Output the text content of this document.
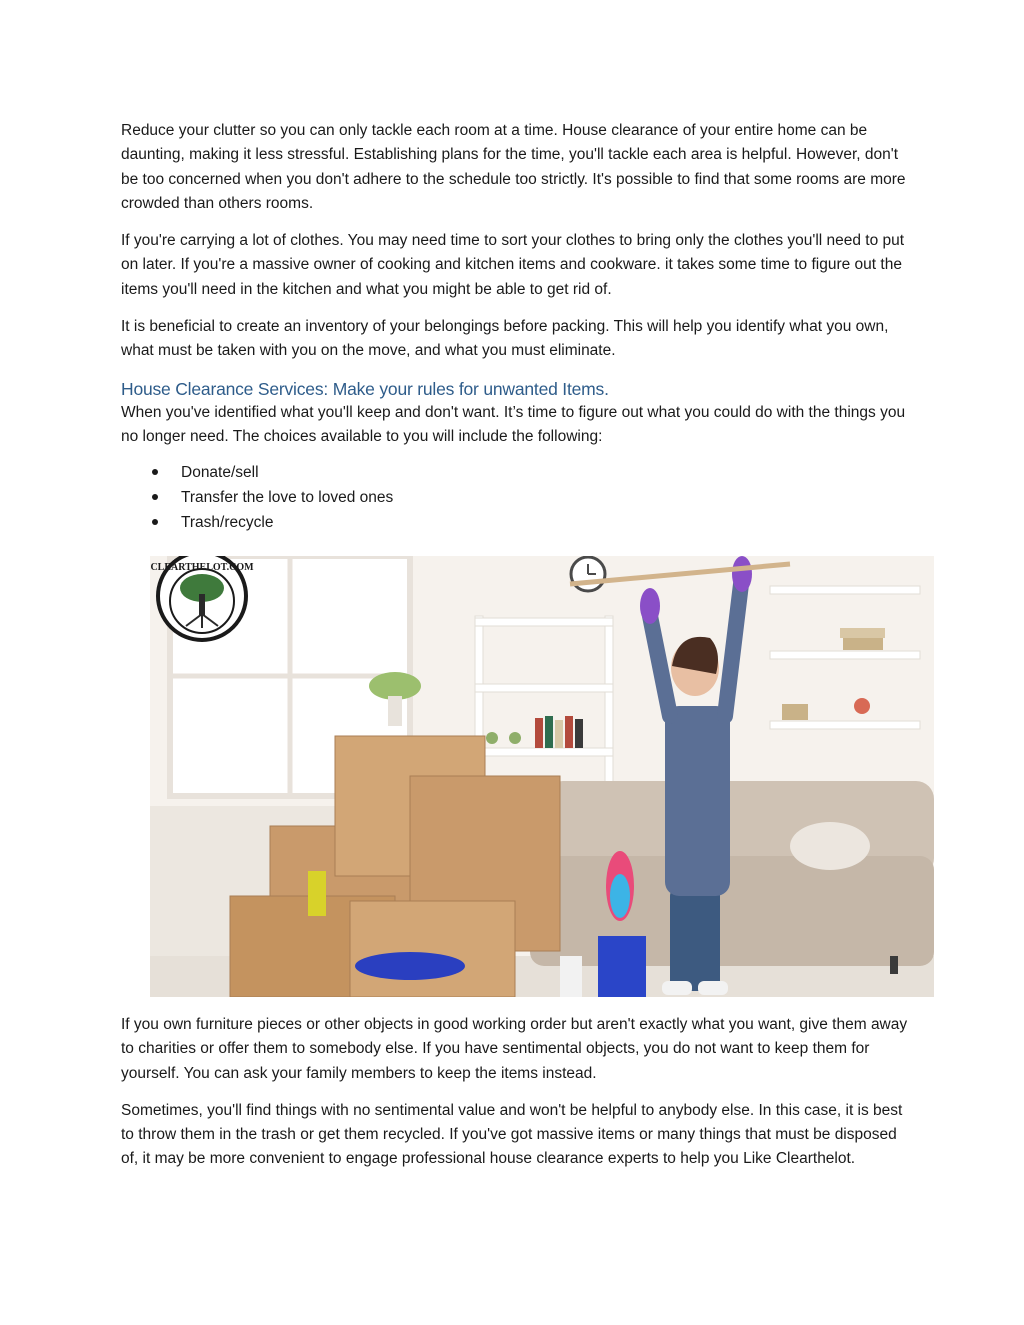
Reduce your clutter so you can only tackle each room at a time. House clearance of your entire home can be daunting, making it less stressful. Establishing plans for the time, you'll tackle each area is helpful. However, don't be too concerned when you don't adhere to the schedule too strictly. It's possible to find that some rooms are more crowded than others rooms.

If you're carrying a lot of clothes. You may need time to sort your clothes to bring only the clothes you'll need to put on later. If you're a massive owner of cooking and kitchen items and cookware. it takes some time to figure out the items you'll need in the kitchen and what you might be able to get rid of.

It is beneficial to create an inventory of your belongings before packing. This will help you identify what you own, what must be taken with you on the move, and what you must eliminate.

House Clearance Services: Make your rules for unwanted Items.

When you've identified what you'll keep and don't want. It’s time to figure out what you could do with the things you no longer need. The choices available to you will include the following:

Donate/sell
Transfer the love to loved ones
Trash/recycle
CLEARTHELOT.COM

If you own furniture pieces or other objects in good working order but aren't exactly what you want, give them away to charities or offer them to somebody else. If you have sentimental objects, you do not want to keep them for yourself. You can ask your family members to keep the items instead.

Sometimes, you'll find things with no sentimental value and won't be helpful to anybody else. In this case, it is best to throw them in the trash or get them recycled. If you've got massive items or many things that must be disposed of, it may be more convenient to engage professional house clearance experts to help you Like Clearthelot.
